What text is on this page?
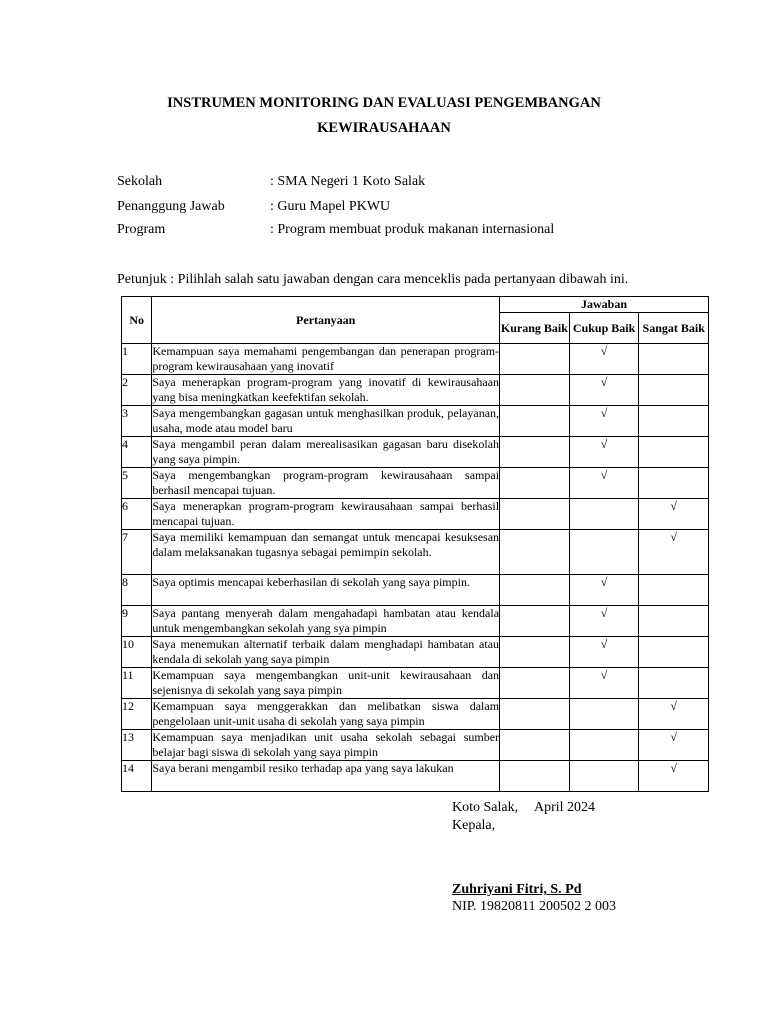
INSTRUMEN MONITORING DAN EVALUASI PENGEMBANGAN
KEWIRAUSAHAAN
Sekolah	: SMA Negeri 1 Koto Salak
Penanggung Jawab	: Guru Mapel PKWU
Program	: Program membuat produk makanan internasional
Petunjuk : Pilihlah salah satu jawaban dengan cara menceklis pada pertanyaan dibawah ini.
No	Pertanyaan	Jawaban		
		Kurang Baik	Cukup Baik	Sangat Baik
1	Kemampuan saya memahami pengembangan dan penerapan program-program kewirausahaan yang inovatif		√	
2	Saya menerapkan program-program yang inovatif di kewirausahaan yang bisa meningkatkan keefektifan sekolah.		√	
3	Saya mengembangkan gagasan untuk menghasilkan produk, pelayanan, usaha, mode atau model baru		√	
4	Saya mengambil peran dalam merealisasikan gagasan baru disekolah yang saya pimpin.		√	
5	Saya mengembangkan program-program kewirausahaan sampai berhasil mencapai tujuan.		√	
6	Saya menerapkan program-program kewirausahaan sampai berhasil mencapai tujuan.			√
7	Saya memiliki kemampuan dan semangat untuk mencapai kesuksesan dalam melaksanakan tugasnya sebagai pemimpin sekolah.			√
8	Saya optimis mencapai keberhasilan di sekolah yang saya pimpin.		√	
9	Saya pantang menyerah dalam mengahadapi hambatan atau kendala untuk mengembangkan sekolah yang sya pimpin		√	
10	Saya menemukan alternatif terbaik dalam menghadapi hambatan atau kendala di sekolah yang saya pimpin		√	
11	Kemampuan saya mengembangkan unit-unit kewirausahaan dan sejenisnya di sekolah yang saya pimpin		√	
12	Kemampuan saya menggerakkan dan melibatkan siswa dalam pengelolaan unit-unit usaha di sekolah yang saya pimpin			√
13	Kemampuan saya menjadikan unit usaha sekolah sebagai sumber belajar bagi siswa di sekolah yang saya pimpin			√
14	Saya berani mengambil resiko terhadap apa yang saya lakukan			√
Koto Salak, April 2024
Kepala,
Zuhriyani Fitri, S. Pd
NIP. 19820811 200502 2 003
